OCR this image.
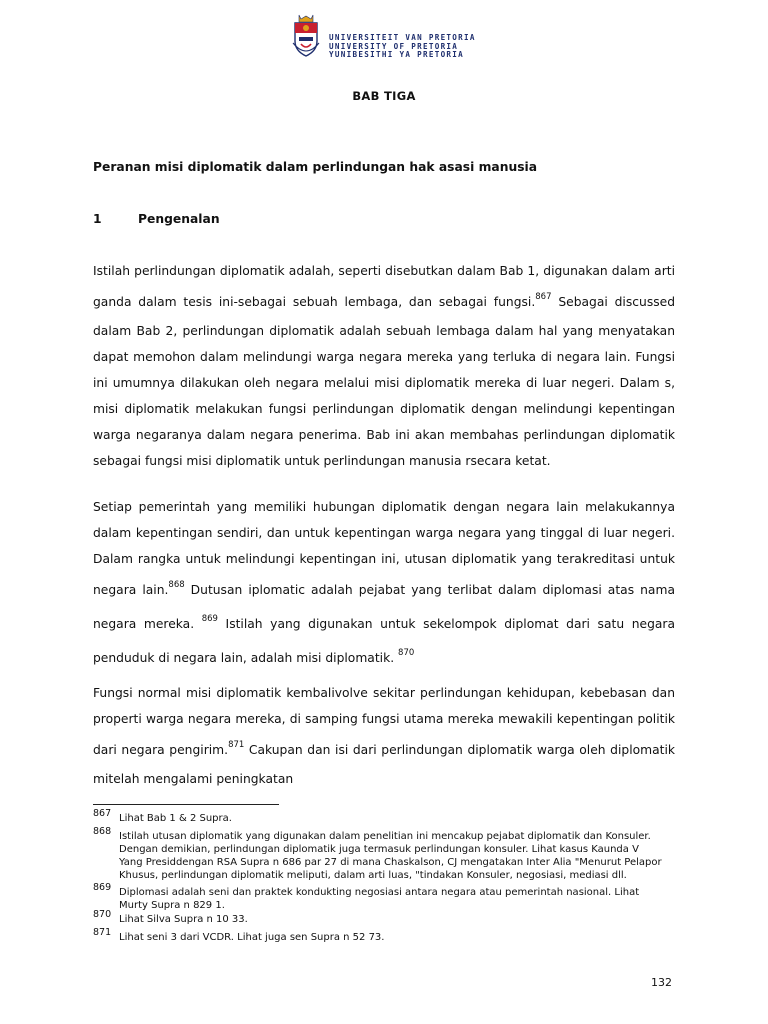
UNIVERSITEIT VAN PRETORIA
UNIVERSITY OF PRETORIA
YUNIBESITHI YA PRETORIA
BAB TIGA
Peranan misi diplomatik dalam perlindungan hak asasi manusia
1	Pengenalan
Istilah perlindungan diplomatik adalah, seperti disebutkan dalam Bab 1, digunakan dalam arti
ganda dalam tesis ini-sebagai sebuah lembaga, dan sebagai fungsi.$^{867}$ Sebagai discussed
dalam Bab 2, perlindungan diplomatik adalah sebuah lembaga dalam hal yang menyatakan
dapat memohon dalam melindungi warga negara mereka yang terluka di negara lain. Fungsi
ini umumnya dilakukan oleh negara melalui misi diplomatik mereka di luar negeri. Dalam s,
misi diplomatik melakukan fungsi perlindungan diplomatik dengan melindungi kepentingan
warga negaranya dalam negara penerima. Bab ini akan membahas perlindungan diplomatik
sebagai fungsi misi diplomatik untuk perlindungan manusia rsecara ketat.
Setiap pemerintah yang memiliki hubungan diplomatik dengan negara lain melakukannya
dalam kepentingan sendiri, dan untuk kepentingan warga negara yang tinggal di luar negeri.
Dalam rangka untuk melindungi kepentingan ini, utusan diplomatik yang terakreditasi untuk
negara lain.$^{868}$ Dutusan iplomatic adalah pejabat yang terlibat dalam diplomasi atas nama
negara mereka. $^{869}$ Istilah yang digunakan untuk sekelompok diplomat dari satu negara
penduduk di negara lain, adalah misi diplomatik. $^{870}$
Fungsi normal misi diplomatik kembalivolve sekitar perlindungan kehidupan, kebebasan dan
properti warga negara mereka, di samping fungsi utama mereka mewakili kepentingan politik
dari negara pengirim.$^{871}$ Cakupan dan isi dari perlindungan diplomatik warga oleh diplomatik
mitelah mengalami peningkatan
867 Lihat Bab 1 & 2 Supra.
868 Istilah utusan diplomatik yang digunakan dalam penelitian ini mencakup pejabat diplomatik dan Konsuler.
Dengan demikian, perlindungan diplomatik juga termasuk perlindungan konsuler. Lihat kasus Kaunda V
Yang Presiddengan RSA Supra n 686 par 27 di mana Chaskalson, CJ mengatakan Inter Alia "Menurut Pelapor
Khusus, perlindungan diplomatik meliputi, dalam arti luas, "tindakan Konsuler, negosiasi, mediasi dll.
869 Diplomasi adalah seni dan praktek kondukting negosiasi antara negara atau pemerintah nasional. Lihat
Murty Supra n 829 1.
870 Lihat Silva Supra n 10 33.
871 Lihat seni 3 dari VCDR. Lihat juga sen Supra n 52 73.
132
